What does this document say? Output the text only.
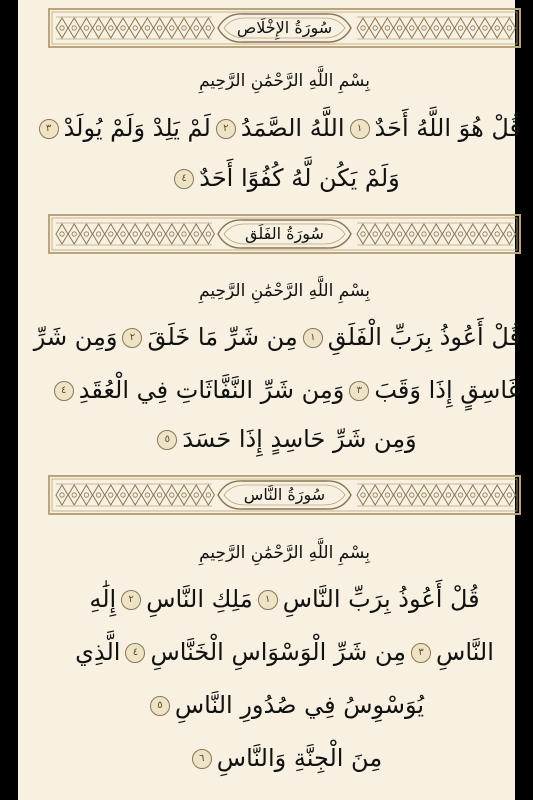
سُورَةُ الإِخْلَاص
بِسْمِ اللَّهِ الرَّحْمَٰنِ الرَّحِيمِ
قُلْ هُوَ اللَّهُ أَحَدٌ١اللَّهُ الصَّمَدُ٢لَمْ يَلِدْ وَلَمْ يُولَدْ٣
وَلَمْ يَكُن لَّهُ كُفُوًا أَحَدٌ٤
سُورَةُ الفَلَق
بِسْمِ اللَّهِ الرَّحْمَٰنِ الرَّحِيمِ
قُلْ أَعُوذُ بِرَبِّ الْفَلَقِ١مِن شَرِّ مَا خَلَقَ٢وَمِن شَرِّ
غَاسِقٍ إِذَا وَقَبَ٣وَمِن شَرِّ النَّفَّاثَاتِ فِي الْعُقَدِ٤
وَمِن شَرِّ حَاسِدٍ إِذَا حَسَدَ٥
سُورَةُ النَّاس
بِسْمِ اللَّهِ الرَّحْمَٰنِ الرَّحِيمِ
قُلْ أَعُوذُ بِرَبِّ النَّاسِ١مَلِكِ النَّاسِ٢إِلَٰهِ
النَّاسِ٣مِن شَرِّ الْوَسْوَاسِ الْخَنَّاسِ٤الَّذِي
يُوَسْوِسُ فِي صُدُورِ النَّاسِ٥
مِنَ الْجِنَّةِ وَالنَّاسِ٦
